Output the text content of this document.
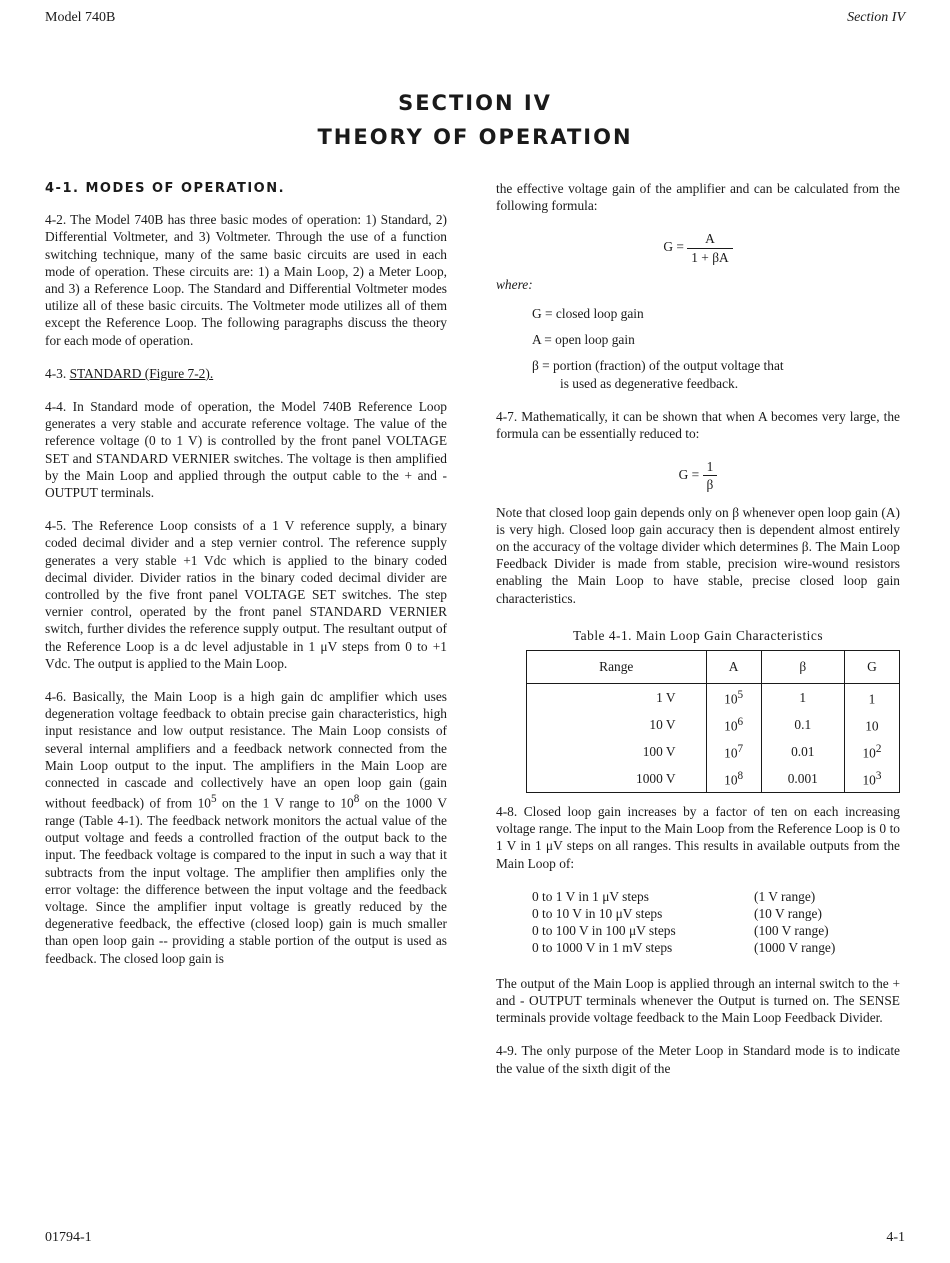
Model 740B	Section IV
SECTION IV
THEORY OF OPERATION
4-1. MODES OF OPERATION.

4-2. The Model 740B has three basic modes of operation: 1) Standard, 2) Differential Voltmeter, and 3) Voltmeter. Through the use of a function switching technique, many of the same basic circuits are used in each mode of operation. These circuits are: 1) a Main Loop, 2) a Meter Loop, and 3) a Reference Loop. The Standard and Differential Voltmeter modes utilize all of these basic circuits. The Voltmeter mode utilizes all of them except the Reference Loop. The following paragraphs discuss the theory for each mode of operation.

4-3. STANDARD (Figure 7-2).

4-4. In Standard mode of operation, the Model 740B Reference Loop generates a very stable and accurate reference voltage. The value of the reference voltage (0 to 1 V) is controlled by the front panel VOLTAGE SET and STANDARD VERNIER switches. The voltage is then amplified by the Main Loop and applied through the output cable to the + and - OUTPUT terminals.

4-5. The Reference Loop consists of a 1 V reference supply, a binary coded decimal divider and a step vernier control. The reference supply generates a very stable +1 Vdc which is applied to the binary coded decimal divider. Divider ratios in the binary coded decimal divider are controlled by the five front panel VOLTAGE SET switches. The step vernier control, operated by the front panel STANDARD VERNIER switch, further divides the reference supply output. The resultant output of the Reference Loop is a dc level adjustable in 1 μV steps from 0 to +1 Vdc. The output is applied to the Main Loop.

4-6. Basically, the Main Loop is a high gain dc amplifier which uses degeneration voltage feedback to obtain precise gain characteristics, high input resistance and low output resistance. The Main Loop consists of several internal amplifiers and a feedback network connected from the Main Loop output to the input. The amplifiers in the Main Loop are connected in cascade and collectively have an open loop gain (gain without feedback) of from $10^5$ on the 1 V range to $10^8$ on the 1000 V range (Table 4-1). The feedback network monitors the actual value of the output voltage and feeds a controlled fraction of the output back to the input. The feedback voltage is compared to the input in such a way that it subtracts from the input voltage. The amplifier then amplifies only the error voltage: the difference between the input voltage and the feedback voltage. Since the amplifier input voltage is greatly reduced by the degenerative feedback, the effective (closed loop) gain is much smaller than open loop gain -- providing a stable portion of the output is used as feedback. The closed loop gain is

the effective voltage gain of the amplifier and can be calculated from the following formula:

$G = \frac{A}{1 + \beta A}$
where:
G = closed loop gain
A = open loop gain
β = portion (fraction) of the output voltage that
is used as degenerative feedback.

4-7. Mathematically, it can be shown that when A becomes very large, the formula can be essentially reduced to:

$G = \frac{1}{\beta}$

Note that closed loop gain depends only on β whenever open loop gain (A) is very high. Closed loop gain accuracy then is dependent almost entirely on the accuracy of the voltage divider which determines β. The Main Loop Feedback Divider is made from stable, precision wire-wound resistors enabling the Main Loop to have stable, precise closed loop gain characteristics.

Table 4-1. Main Loop Gain Characteristics
Range	A	β	G
1 V	$10^5$	1	1
10 V	$10^6$	0.1	10
100 V	$10^7$	0.01	$10^2$
1000 V	$10^8$	0.001	$10^3$

4-8. Closed loop gain increases by a factor of ten on each increasing voltage range. The input to the Main Loop from the Reference Loop is 0 to 1 V in 1 μV steps on all ranges. This results in available outputs from the Main Loop of:

0 to 1 V in 1 μV steps	(1 V range)
0 to 10 V in 10 μV steps	(10 V range)
0 to 100 V in 100 μV steps	(100 V range)
0 to 1000 V in 1 mV steps	(1000 V range)

The output of the Main Loop is applied through an internal switch to the + and - OUTPUT terminals whenever the Output is turned on. The SENSE terminals provide voltage feedback to the Main Loop Feedback Divider.

4-9. The only purpose of the Meter Loop in Standard mode is to indicate the value of the sixth digit of the

01794-1	4-1
